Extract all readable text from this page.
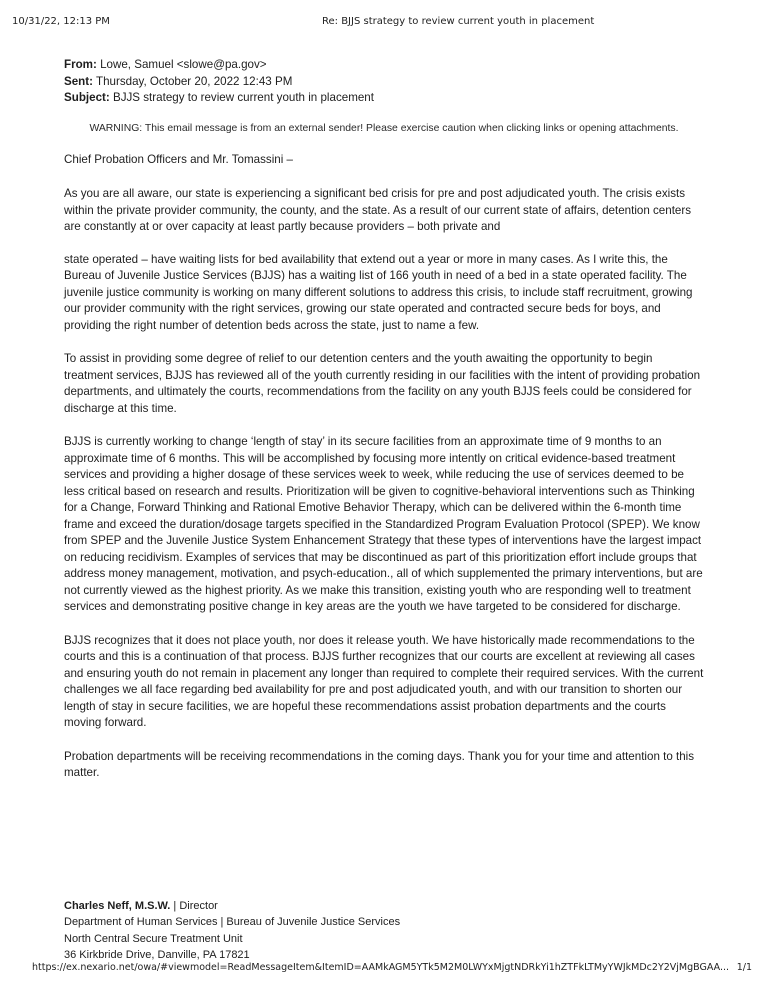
10/31/22, 12:13 PM	Re: BJJS strategy to review current youth in placement

From: Lowe, Samuel <slowe@pa.gov>

Sent: Thursday, October 20, 2022 12:43 PM

Subject: BJJS strategy to review current youth in placement

WARNING: This email message is from an external sender! Please exercise caution when clicking links or opening attachments.

Chief Probation Officers and Mr. Tomassini –

As you are all aware, our state is experiencing a significant bed crisis for pre and post adjudicated youth. The crisis exists within the private provider community, the county, and the state. As a result of our current state of affairs, detention centers are constantly at or over capacity at least partly because providers – both private and

state operated – have waiting lists for bed availability that extend out a year or more in many cases. As I write this, the Bureau of Juvenile Justice Services (BJJS) has a waiting list of 166 youth in need of a bed in a state operated facility. The juvenile justice community is working on many different solutions to address this crisis, to include staff recruitment, growing our provider community with the right services, growing our state operated and contracted secure beds for boys, and providing the right number of detention beds across the state, just to name a few.

To assist in providing some degree of relief to our detention centers and the youth awaiting the opportunity to begin treatment services, BJJS has reviewed all of the youth currently residing in our facilities with the intent of providing probation departments, and ultimately the courts, recommendations from the facility on any youth BJJS feels could be considered for discharge at this time.

BJJS is currently working to change ‘length of stay’ in its secure facilities from an approximate time of 9 months to an approximate time of 6 months. This will be accomplished by focusing more intently on critical evidence-based treatment services and providing a higher dosage of these services week to week, while reducing the use of services deemed to be less critical based on research and results. Prioritization will be given to cognitive-behavioral interventions such as Thinking for a Change, Forward Thinking and Rational Emotive Behavior Therapy, which can be delivered within the 6-month time frame and exceed the duration/dosage targets specified in the Standardized Program Evaluation Protocol (SPEP). We know from SPEP and the Juvenile Justice System Enhancement Strategy that these types of interventions have the largest impact on reducing recidivism. Examples of services that may be discontinued as part of this prioritization effort include groups that address money management, motivation, and psych-education., all of which supplemented the primary interventions, but are not currently viewed as the highest priority. As we make this transition, existing youth who are responding well to treatment services and demonstrating positive change in key areas are the youth we have targeted to be considered for discharge.

BJJS recognizes that it does not place youth, nor does it release youth. We have historically made recommendations to the courts and this is a continuation of that process. BJJS further recognizes that our courts are excellent at reviewing all cases and ensuring youth do not remain in placement any longer than required to complete their required services. With the current challenges we all face regarding bed availability for pre and post adjudicated youth, and with our transition to shorten our length of stay in secure facilities, we are hopeful these recommendations assist probation departments and the courts moving forward.

Probation departments will be receiving recommendations in the coming days. Thank you for your time and attention to this matter.

Charles Neff, M.S.W. | Director

Department of Human Services | Bureau of Juvenile Justice Services

North Central Secure Treatment Unit

36 Kirkbride Drive, Danville, PA 17821

https://ex.nexario.net/owa/#viewmodel=ReadMessageItem&ItemID=AAMkAGM5YTk5M2M0LWYxMjgtNDRkYi1hZTFkLTMyYWJkMDc2Y2VjMgBGAA... 1/1
